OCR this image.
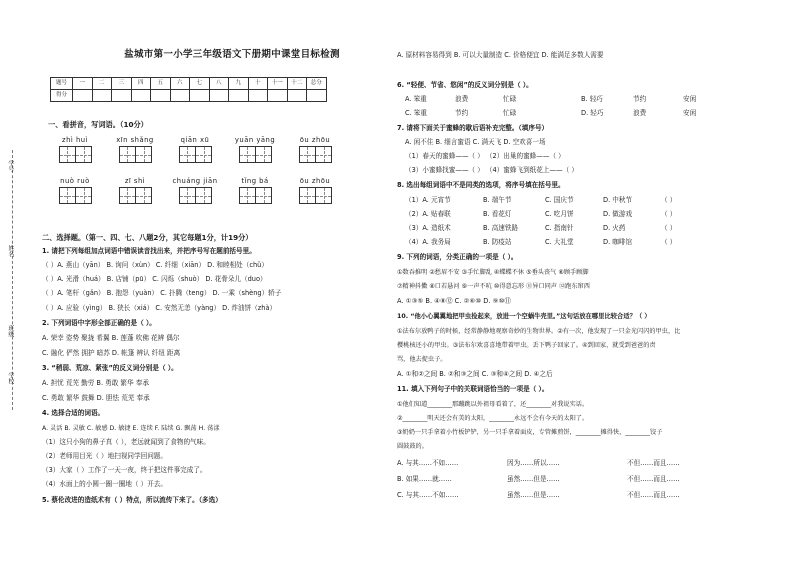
学号
姓名
班级
学校
盐城市第一小学三年级语文下册期中课堂目标检测
题号	一	二	三	四	五	六	七	八	九	十	十一	十二	总分
得分													
一、看拼音，写词语。（10分）
zhì huì	xīn shǎng	qiān xū	yuān yāng	ōu zhōu
nuò ruò	zī shì	chuáng jiān	tǐng bá	ōu zhōu
二、选择题。（第一、四、七、八题2分，其它每题1分，计19分）
1. 请把下列每组加点词语中错误读音找出来，并把序号写在题前括号里。
（ ）A. 燕山（yān） B. 询问（xùn） C. 纤细（xiān） D. 和睦相处（chǔ）
（ ）A. 光滑（huá） B. 店铺（pū） C. 闪烁（shuò） D. 花骨朵儿（duo）
（ ）A. 笔杆（gǎn） B. 抱怨（yuàn） C. 扑腾（teng） D. 一乘（shèng）轿子
（ ）A. 应验（yìng） B. 狭长（xiá） C. 安然无恙（yàng） D. 炸油饼（zhà）
2. 下列词语中字形全部正确的是（ ）。
A. 荣幸 姿势 聚拢 希翼 B. 莲蓬 吹佛 花辨 偶尔
C. 融化 俨然 拥护 暗苏 D. 帐篷 辨认 纤纽 距离
3. “稍弱、荒凉、紧张”的反义词分别是（ ）。
A. 担忧 荒芜 勤劳 B. 勇敢 繁华 奉承
C. 勇敢 繁华 鼓舞 D. 胆怯 荒芜 奉承
4. 选择合适的词语。
A. 灵活 B. 灵敏 C. 敏感 D. 敏捷 E. 连续 F. 陆续 G. 飘荡 H. 荡漾
（1）这只小狗的鼻子真（ ），老远就闻到了食物的气味。
（2）老师用目光（ ）地扫视同学回问题。
（3）大家（ ）工作了一天一夜，终于把这件事完成了。
（4）水面上的小圆一圈一圈地（ ）开去。
5. 蔡伦改进的造纸术有（ ）特点，所以流传下来了。（多选）
A. 原材料容易得到 B. 可以大量制造 C. 价格便宜 D. 能满足多数人需要
6. “轻便、节省、悠闲”的反义词分别是（ ）。
A. 笨重	浪费	忙碌	B. 轻巧	节约	安闲
C. 笨重	节约	忙碌	D. 轻巧	浪费	安闲
7. 请将下面关于蜜蜂的歇后语补充完整。（填序号）
A. 闲不住 B. 细言蜜语 C. 满天飞 D. 空欢喜一场
（1）春天的蜜蜂——（ ） （2）出巢的蜜蜂——（ ）
（3）小蜜蜂找蜜——（ ） （4）蜜蜂飞到纸花上——（ ）
8. 选出每组词语中不是同类的选项，将序号填在括号里。
（1）A. 元宵节	B. 端午节	C. 国庆节	D. 中秋节	（ ）
（2）A. 贴春联	B. 看花灯	C. 吃月饼	D. 做游戏	（ ）
（3）A. 造纸术	B. 高速铁路	C. 指南针	D. 火药	（ ）
（4）A. 我务局	B. 防疫站	C. 大礼堂	D. 咖啡馆	（ ）
9. 下列的词语，分类正确的一项是（ ）。
①数吞推明 ②愁眉不安 ③手忙脚乱 ④蝶蝶不休 ⑤垂头丧气 ⑥顾手顾脚
⑦精神抖擞 ⑧口若悬河 ⑨一声不吭 ⑩得意忘形 ⑪异口同声 ⑫跑东窜西
A. ①③⑤ B. ④⑧⑫ C. ②⑥⑩ D. ⑨⑩⑪
10. “他小心翼翼地把甲虫捡起来，放进一个空蜗牛壳里。”这句话放在哪里比较合适？（ ）
①法布尔放鸭子的时候，经常静静地观察奇妙的生物世界。②有一次，他发现了一只金光闪闪的甲虫，比
樱桃核还小的甲虫。③法布尔欢喜喜地带着甲虫。丢下鸭子回家了。④到回家，就受到爸爸的责
骂，他去捉虫子。
A. ①和②之间 B. ②和③之间 C. ③和④之间 D. ④之后
11. 填入下列句子中的关联词语恰当的一项是（ ）。
①他们知道________那蹦跳以外祖母看着了，还________对我说实话。
②________明天还会有美的太阳，________永远不会有今天的太阳了。
③奶奶一只手拿着小竹板铲铲，另一只手拿着面皮，专管摊煎饼，________摊得快，________饺子
圆鼓鼓的。
A. 与其……不如……	因为……所以……	不但……而且……
B. 如果……就……	虽然……但是……	不但……而且……
C. 与其……不如……	虽然……但是……	不但……而且……
